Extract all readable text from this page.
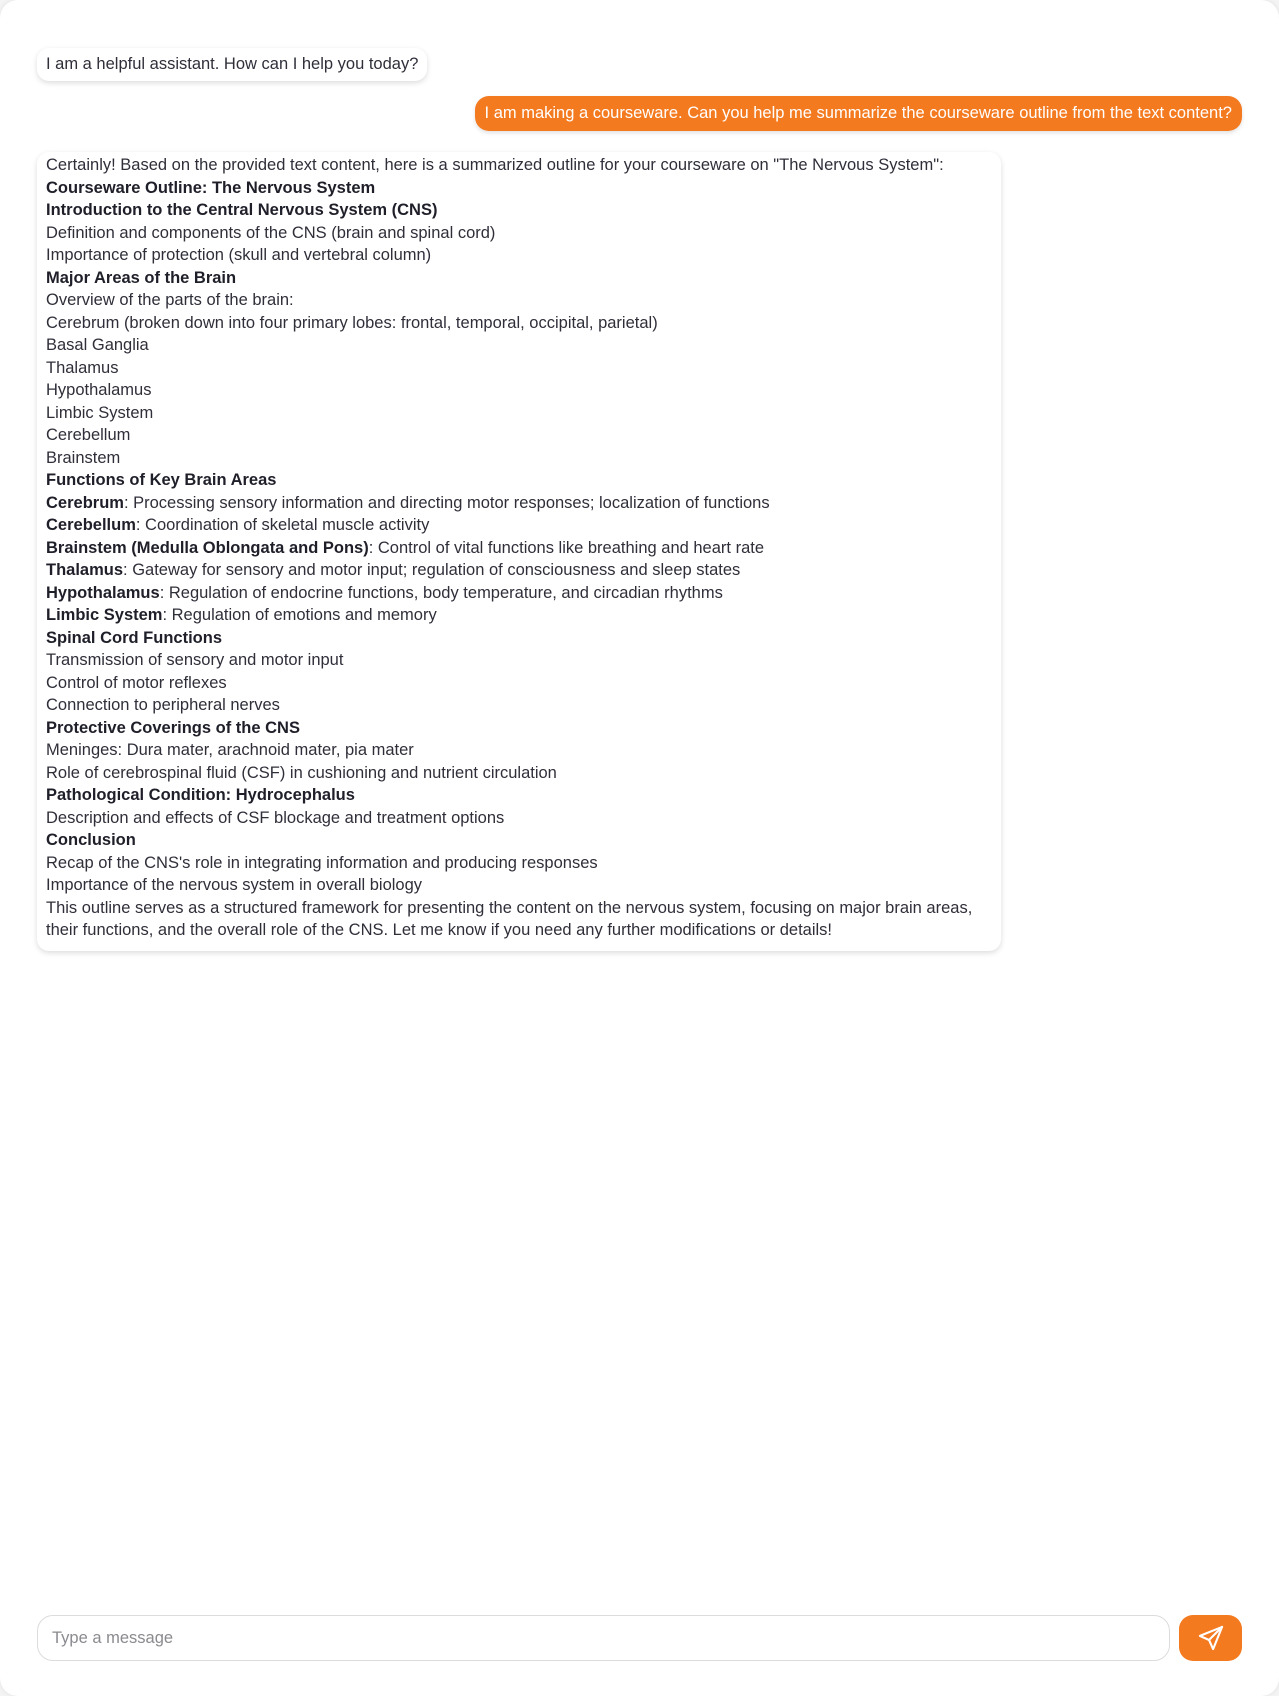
I am a helpful assistant. How can I help you today?
I am making a courseware. Can you help me summarize the courseware outline from the text content?
Certainly! Based on the provided text content, here is a summarized outline for your courseware on "The Nervous System":
Courseware Outline: The Nervous System
Introduction to the Central Nervous System (CNS)
Definition and components of the CNS (brain and spinal cord)
Importance of protection (skull and vertebral column)
Major Areas of the Brain
Overview of the parts of the brain:
Cerebrum (broken down into four primary lobes: frontal, temporal, occipital, parietal)
Basal Ganglia
Thalamus
Hypothalamus
Limbic System
Cerebellum
Brainstem
Functions of Key Brain Areas
Cerebrum: Processing sensory information and directing motor responses; localization of functions
Cerebellum: Coordination of skeletal muscle activity
Brainstem (Medulla Oblongata and Pons): Control of vital functions like breathing and heart rate
Thalamus: Gateway for sensory and motor input; regulation of consciousness and sleep states
Hypothalamus: Regulation of endocrine functions, body temperature, and circadian rhythms
Limbic System: Regulation of emotions and memory
Spinal Cord Functions
Transmission of sensory and motor input
Control of motor reflexes
Connection to peripheral nerves
Protective Coverings of the CNS
Meninges: Dura mater, arachnoid mater, pia mater
Role of cerebrospinal fluid (CSF) in cushioning and nutrient circulation
Pathological Condition: Hydrocephalus
Description and effects of CSF blockage and treatment options
Conclusion
Recap of the CNS's role in integrating information and producing responses
Importance of the nervous system in overall biology
This outline serves as a structured framework for presenting the content on the nervous system, focusing on major brain areas, their functions, and the overall role of the CNS. Let me know if you need any further modifications or details!
Type a message
